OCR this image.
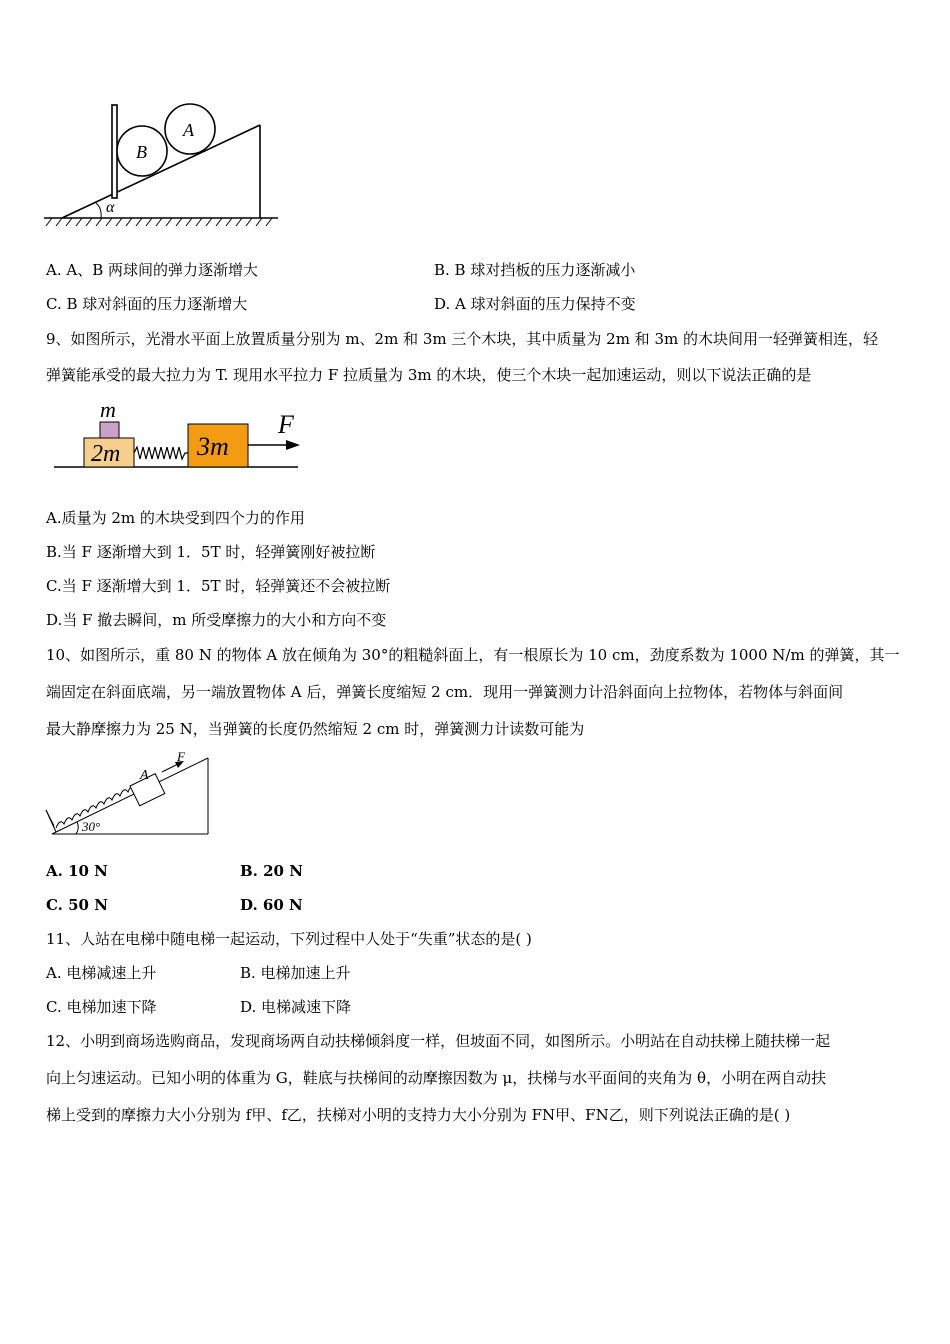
B
A
α
A. A、B 两球间的弹力逐渐增大	B. B 球对挡板的压力逐渐减小
C. B 球对斜面的压力逐渐增大	D. A 球对斜面的压力保持不变
9、如图所示，光滑水平面上放置质量分别为 m、2m 和 3m 三个木块，其中质量为 2m 和 3m 的木块间用一轻弹簧相连，轻
弹簧能承受的最大拉力为 T. 现用水平拉力 F 拉质量为 3m 的木块，使三个木块一起加速运动，则以下说法正确的是
m
2m	3m
F
A.质量为 2m 的木块受到四个力的作用
B.当 F 逐渐增大到 1．5T 时，轻弹簧刚好被拉断
C.当 F 逐渐增大到 1．5T 时，轻弹簧还不会被拉断
D.当 F 撤去瞬间，m 所受摩擦力的大小和方向不变
10、如图所示，重 80 N 的物体 A 放在倾角为 30°的粗糙斜面上，有一根原长为 10 cm，劲度系数为 1000 N/m 的弹簧，其一
端固定在斜面底端，另一端放置物体 A 后，弹簧长度缩短 2 cm．现用一弹簧测力计沿斜面向上拉物体，若物体与斜面间
最大静摩擦力为 25 N，当弹簧的长度仍然缩短 2 cm 时，弹簧测力计读数可能为
A
F
30°
A. 10 N	B. 20 N
C. 50 N	D. 60 N
11、人站在电梯中随电梯一起运动，下列过程中人处于“失重”状态的是( )
A. 电梯减速上升	B. 电梯加速上升
C. 电梯加速下降	D. 电梯减速下降
12、小明到商场选购商品，发现商场两自动扶梯倾斜度一样，但坡面不同，如图所示。小明站在自动扶梯上随扶梯一起
向上匀速运动。已知小明的体重为 G，鞋底与扶梯间的动摩擦因数为 μ，扶梯与水平面间的夹角为 θ，小明在两自动扶
梯上受到的摩擦力大小分别为 f甲、f乙，扶梯对小明的支持力大小分别为 FN甲、FN乙，则下列说法正确的是( )
